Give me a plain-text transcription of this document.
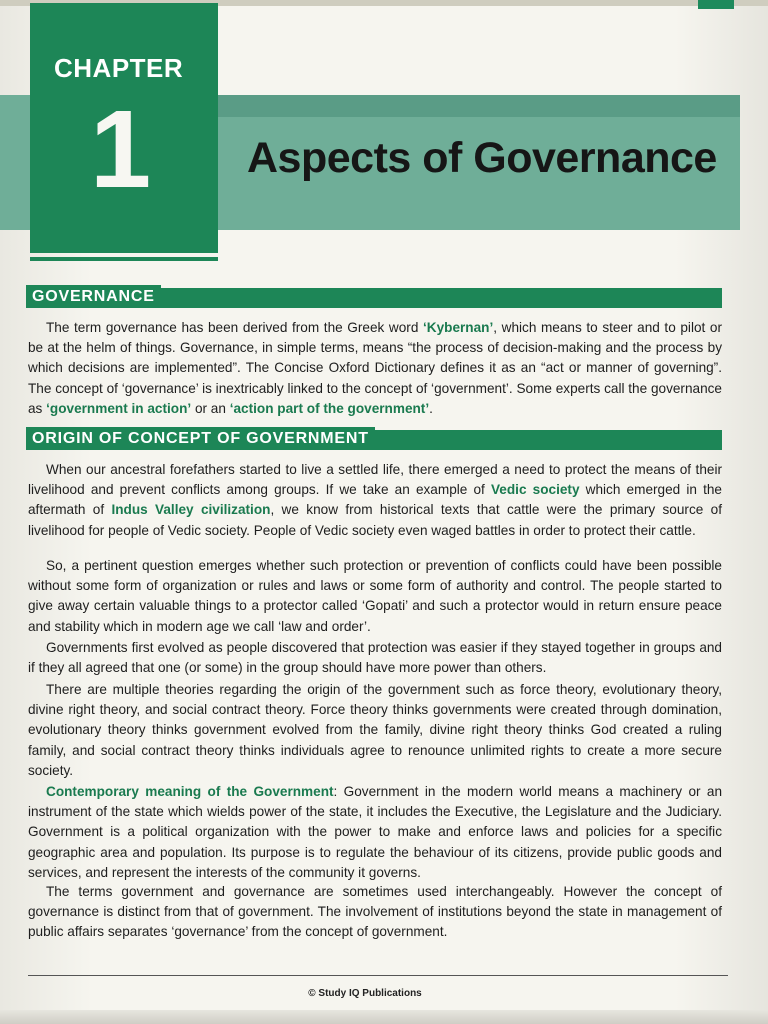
CHAPTER
1 Aspects of Governance
GOVERNANCE
The term governance has been derived from the Greek word ‘Kybernan’, which means to steer and to pilot or be at the helm of things. Governance, in simple terms, means “the process of decision-making and the process by which decisions are implemented”. The Concise Oxford Dictionary defines it as an “act or manner of governing”. The concept of ‘governance’ is inextricably linked to the concept of ‘government’. Some experts call the governance as ‘government in action’ or an ‘action part of the government’.
ORIGIN OF CONCEPT OF GOVERNMENT
When our ancestral forefathers started to live a settled life, there emerged a need to protect the means of their livelihood and prevent conflicts among groups. If we take an example of Vedic society which emerged in the aftermath of Indus Valley civilization, we know from historical texts that cattle were the primary source of livelihood for people of Vedic society. People of Vedic society even waged battles in order to protect their cattle.
So, a pertinent question emerges whether such protection or prevention of conflicts could have been possible without some form of organization or rules and laws or some form of authority and control. The people started to give away certain valuable things to a protector called ‘Gopati’ and such a protector would in return ensure peace and stability which in modern age we call ‘law and order’.
Governments first evolved as people discovered that protection was easier if they stayed together in groups and if they all agreed that one (or some) in the group should have more power than others.
There are multiple theories regarding the origin of the government such as force theory, evolutionary theory, divine right theory, and social contract theory. Force theory thinks governments were created through domination, evolutionary theory thinks government evolved from the family, divine right theory thinks God created a ruling family, and social contract theory thinks individuals agree to renounce unlimited rights to create a more secure society.
Contemporary meaning of the Government: Government in the modern world means a machinery or an instrument of the state which wields power of the state, it includes the Executive, the Legislature and the Judiciary. Government is a political organization with the power to make and enforce laws and policies for a specific geographic area and population. Its purpose is to regulate the behaviour of its citizens, provide public goods and services, and represent the interests of the community it governs.
The terms government and governance are sometimes used interchangeably. However the concept of governance is distinct from that of government. The involvement of institutions beyond the state in management of public affairs separates ‘governance’ from the concept of government.
© Study IQ Publications
